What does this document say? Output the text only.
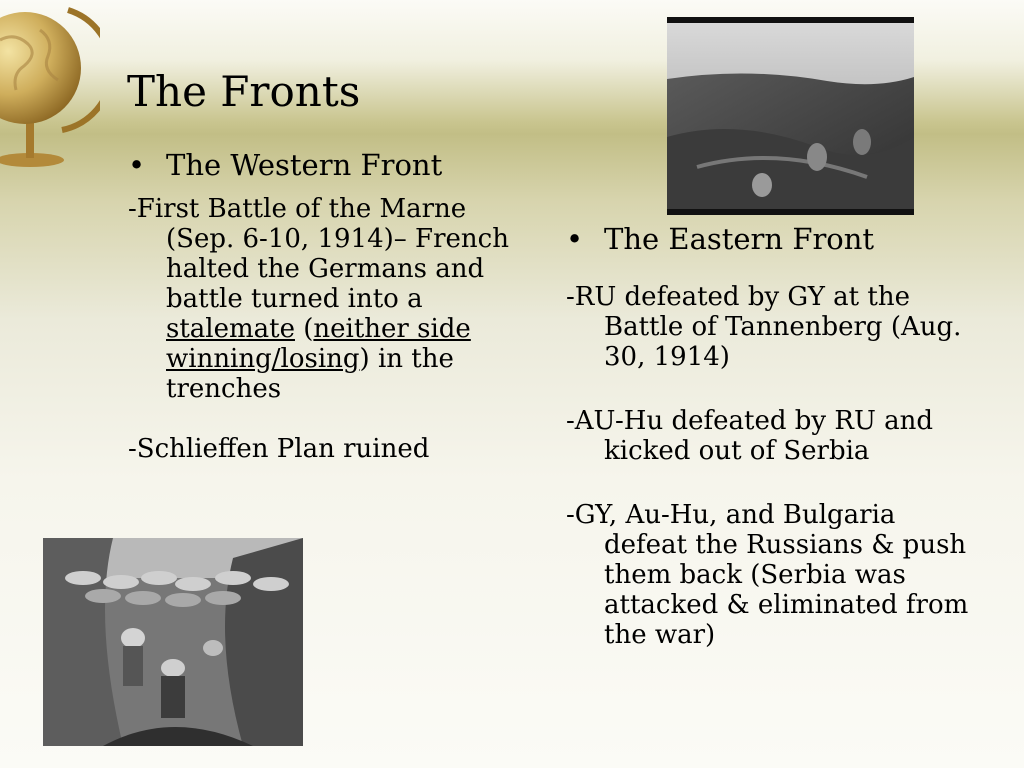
The Fronts
• The Western Front

-First Battle of the Marne (Sep. 6-10, 1914)– French halted the Germans and battle turned into a stalemate (neither side winning/losing) in the trenches

-Schlieffen Plan ruined

• The Eastern Front

-RU defeated by GY at the Battle of Tannenberg (Aug. 30, 1914)

-AU-Hu defeated by RU and kicked out of Serbia

-GY, Au-Hu, and Bulgaria defeat the Russians & push them back (Serbia was attacked & eliminated from the war)
